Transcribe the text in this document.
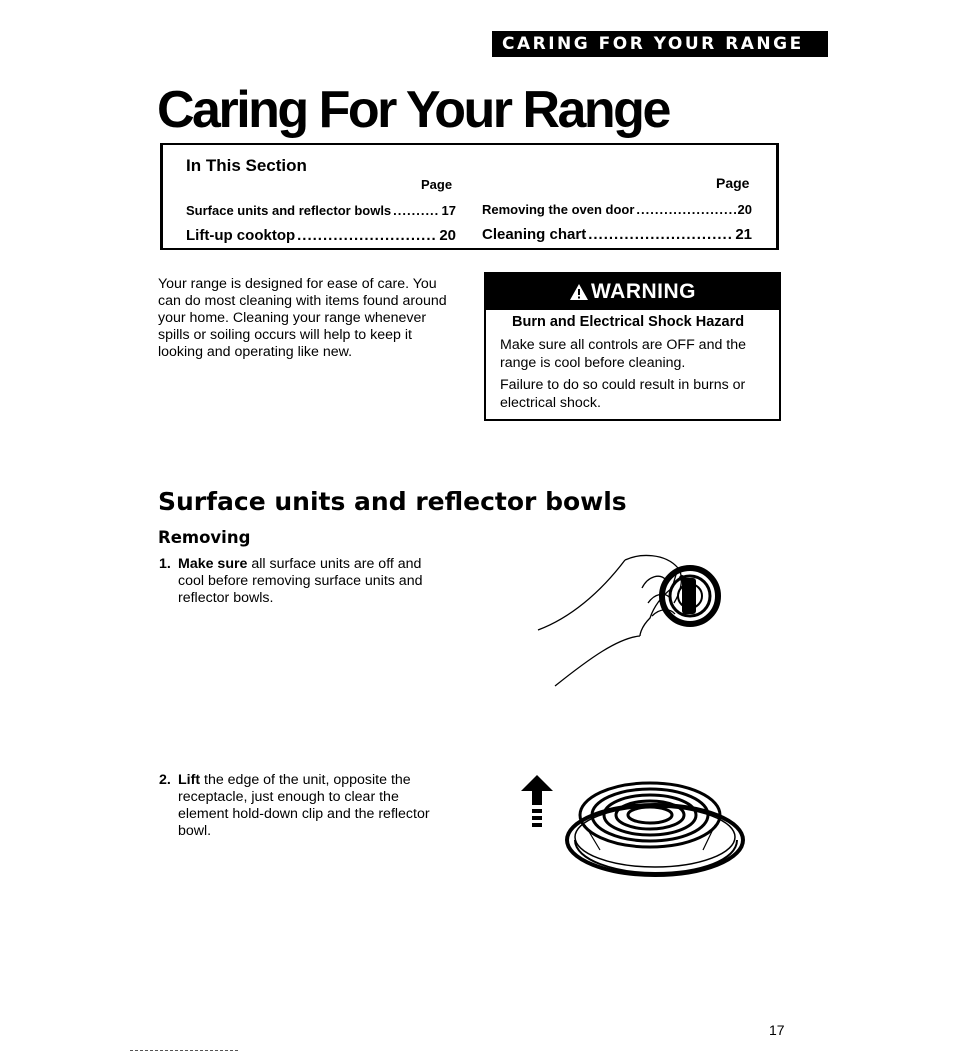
CARING FOR YOUR RANGE
Caring For Your Range
In This Section
Page	Page
Surface units and reflector bowls .....	17
Lift-up cooktop .....	20
Removing the oven door .....	20
Cleaning chart .....	21

Your range is designed for ease of care. You can do most cleaning with items found around your home. Cleaning your range whenever spills or soiling occurs will help to keep it looking and operating like new.

WARNING
Burn and Electrical Shock Hazard

Make sure all controls are OFF and the range is cool before cleaning.

Failure to do so could result in burns or electrical shock.

Surface units and reflector bowls
Removing
1. Make sure all surface units are off and cool before removing surface units and reflector bowls.
2. Lift the edge of the unit, opposite the receptacle, just enough to clear the element hold-down clip and the reflector bowl.
17
